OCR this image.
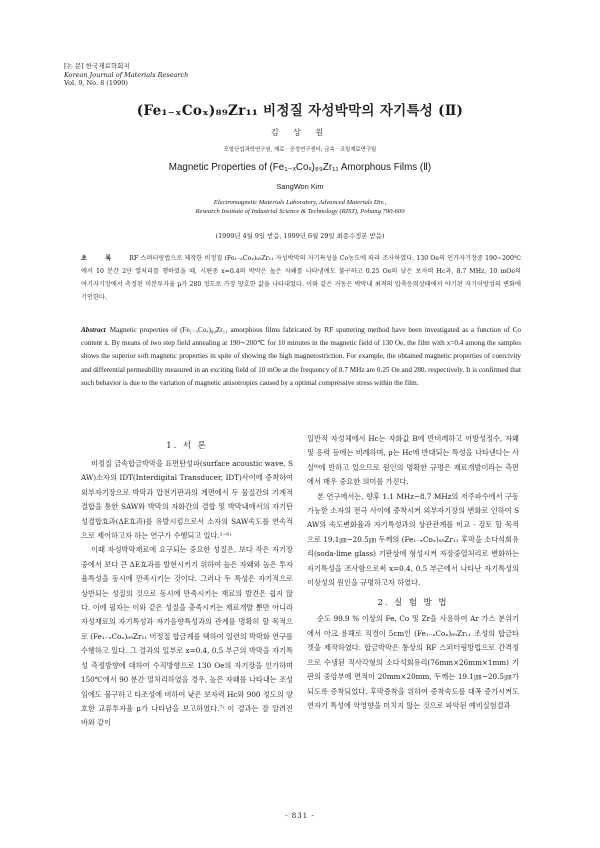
[논 문] 한국재료학회지
Korean Journal of Materials Research
Vol. 9, No. 8 (1999)
(Fe₁₋ₓCoₓ)₈₉Zr₁₁ 비정질 자성박막의 자기특성 (Ⅱ)
김 상 원
포항산업과학연구원, 재료 · 공정연구센터, 금속 · 코팅재료연구팀
Magnetic Properties of (Fe₁₋ₓCoₓ)₈₉Zr₁₁ Amorphous Films (Ⅱ)
SangWon Kim
Electromagnetic Materials Laboratory, Advanced Materials Div.,
Research Institute of Industrial Science & Technology (RIST), Pohang 790-600
(1999년 4월 9일 받음, 1999년 6월 29일 최종수정본 받음)
초 록 RF 스퍼터링법으로 제작한 비정질 (Fe₁₋ₓCoₓ)₈₉Zr₁₁ 자성박막의 자기특성을 Co농도에 따라 조사하였다. 130 Oe의 인가자기장중 190∼200℃에서 10 분간 2단 열처리를 행하였을 때, 시편중 x=0.4의 박막은 높은 자왜를 나타냄에도 불구하고 0.25 Oe의 낮은 보자력 Hc과, 8.7 MHz, 10 mOe의 여기자기장에서 측정된 미분투자율 μ가 280 정도로 가장 양호한 값을 나타내었다. 이와 같은 거동은 박막내 최적의 압축응력상태에서 야기된 자기이방성의 변화에 기인한다.
Abstract Magnetic properties of (Fe₁₋ₓCoₓ)₈₉Zr₁₁ amorphous films fabricated by RF sputtering method have been investigated as a function of Co content x. By means of two step field annealing at 190∼200℃ for 10 minutes in the magnetic field of 130 Oe, the film with x=0.4 among the samples shows the superior soft magnetic properties in spite of showing the high magnetostriction. For example, the obtained magnetic properties of coercivity and differential permeability measured in an exciting field of 10 mOe at the frequency of 8.7 MHz are 0.25 Oe and 280, respectively. It is confirmed that such behavior is due to the variation of magnetic anisotropies caused by a optimal compressive stress within the film.
1. 서 론

비정질 금속합금박막을 표면탄성파(surface acoustic wave, SAW)소자의 IDT(Interdigital Transducer, IDT)사이에 증착하여 외부자기장으로 박막과 압전기판과의 계면에서 두 물질간의 기계적 결합을 통한 SAW와 박막의 자화간의 결합 및 박막내에서의 자기탄성결합효과(ΔE효과)를 유발시킴으로서 소자의 SAW속도를 연속적으로 제어하고자 하는 연구가 수행되고 있다.¹⁻⁶⁾

이때 자성박막재료에 요구되는 중요한 성질은, 보다 작은 자기장중에서 보다 큰 ΔE효과를 발현시키기 위하여 높은 자왜와 높은 투자율특성을 동시에 만족시키는 것이다. 그러나 두 특성은 자기적으로 상반되는 성질의 것으로 동시에 만족시키는 재료의 발견은 쉽지 않다. 이에 필자는 이와 같은 성질을 충족시키는 재료개발 뿐만 아니라 자성재료의 자기특성과 자기음향특성과의 관계를 명확히 할 목적으로 (Fe₁₋ₓCoₓ)₈₉Zr₁₁ 비정질 합금계를 택하여 일련의 박막화 연구를 수행하고 있다. 그 결과의 일부로 x=0.4, 0.5 부근의 박막을 자기특성 측정방향에 대하여 수직방향으로 130 Oe의 자기장을 인가하며 150℃에서 90 분간 열처리하였을 경우, 높은 자왜를 나타내는 조성임에도 불구하고 타조성에 비하여 낮은 보자력 Hc와 900 정도의 양호한 교류투자율 μ가 나타남을 보고하였다.⁷⁾ 이 결과는 잘 알려진 바와 같이

일반적 자성체에서 Hc는 자화값 B에 반비례하고 이방성정수, 자왜 및 응력 등에는 비례하며, μ는 Hc에 반대되는 특성을 나타낸다는 사실⁸⁾에 반하고 있으므로 원인의 명확한 규명은 재료개발이라는 측면에서 매우 중요한 의미를 가진다.

본 연구에서는, 향후 1.1 MHz∼8.7 MHz의 저주파수에서 구동가능한 소자의 전극 사이에 증착시켜 외부자기장의 변화로 인하여 SAW의 속도변화율과 자기특성과의 상관관계를 비교 · 검토 할 목적으로 19.1㎛∼20.5㎛ 두께의 (Fe₁₋ₓCoₓ)₈₉Zr₁₁ 후막을 소다석회유리(soda-lime glass) 기판상에 형성시켜 자장중열처리로 변화하는 자기특성을 조사함으로써 x=0.4, 0.5 부근에서 나타난 자기특성의 이상성의 원인을 규명하고자 하였다.

2. 실 험 방 법

순도 99.9 % 이상의 Fe, Co 및 Zr을 사용하여 Ar 가스 분위기에서 아크 용해로 직경이 5cm인 (Fe₁₋ₓCoₓ)₈₉Zr₁₁ 조성의 합금타겟을 제작하였다. 합금박막은 통상의 RF 스퍼터링방법으로 간격정으로 수냉된 직사각형의 소다석회유리(76mm×26mm×1mm) 기판의 중앙부에 면적이 20mm×20mm, 두께는 19.1㎛∼20.5㎛가 되도록 증착되었다. 후막증착을 위하여 증착속도를 대폭 증가시켜도 연자기 특성에 악영향을 미치지 않는 것으로 파악된 예비실험결과

- 831 -
